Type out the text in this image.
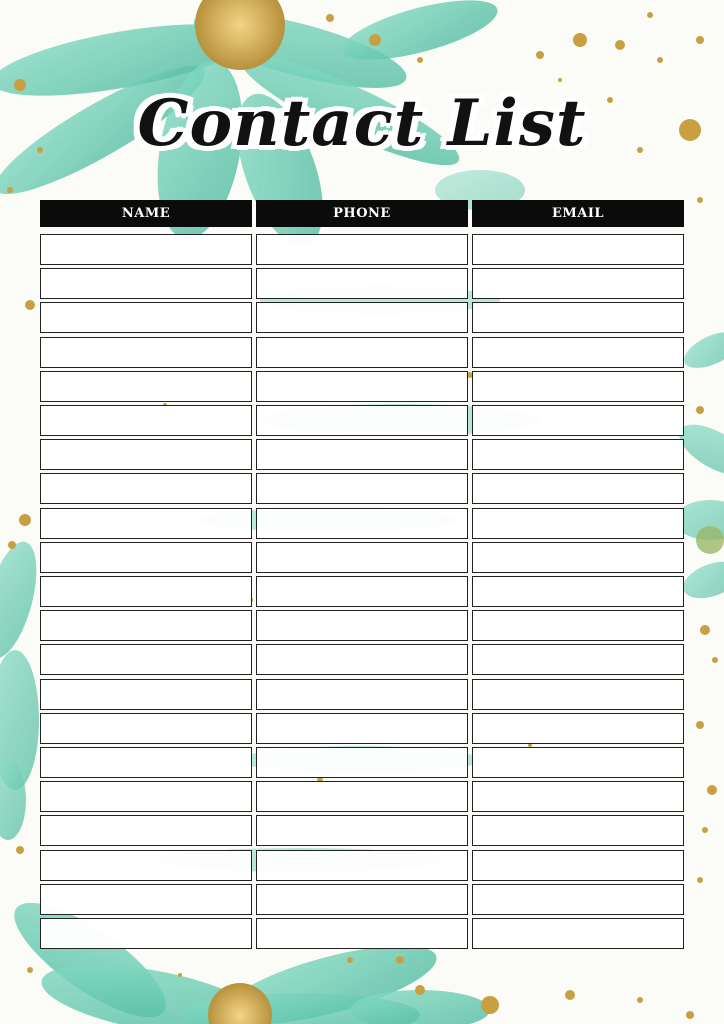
Contact List
NAME	PHONE	EMAIL
